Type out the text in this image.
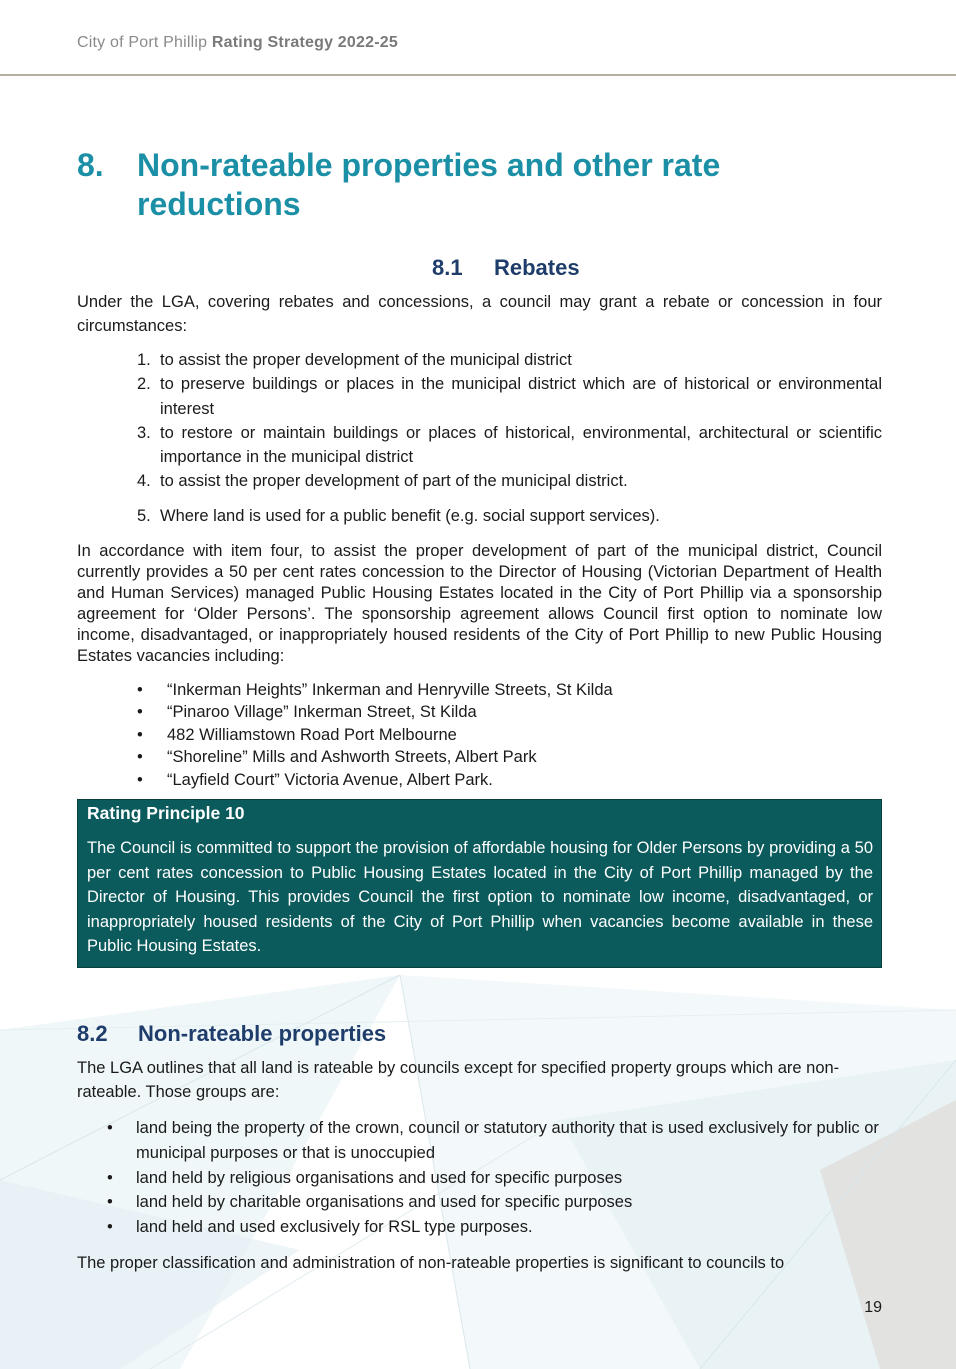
City of Port Phillip Rating Strategy 2022-25
8. Non-rateable properties and other rate reductions
8.1 Rebates
Under the LGA, covering rebates and concessions, a council may grant a rebate or concession in four circumstances:
1. to assist the proper development of the municipal district
2. to preserve buildings or places in the municipal district which are of historical or environmental interest
3. to restore or maintain buildings or places of historical, environmental, architectural or scientific importance in the municipal district
4. to assist the proper development of part of the municipal district.
5. Where land is used for a public benefit (e.g. social support services).
In accordance with item four, to assist the proper development of part of the municipal district, Council currently provides a 50 per cent rates concession to the Director of Housing (Victorian Department of Health and Human Services) managed Public Housing Estates located in the City of Port Phillip via a sponsorship agreement for ‘Older Persons’. The sponsorship agreement allows Council first option to nominate low income, disadvantaged, or inappropriately housed residents of the City of Port Phillip to new Public Housing Estates vacancies including:
• “Inkerman Heights” Inkerman and Henryville Streets, St Kilda
• “Pinaroo Village” Inkerman Street, St Kilda
• 482 Williamstown Road Port Melbourne
• “Shoreline” Mills and Ashworth Streets, Albert Park
• “Layfield Court” Victoria Avenue, Albert Park.
Rating Principle 10
The Council is committed to support the provision of affordable housing for Older Persons by providing a 50 per cent rates concession to Public Housing Estates located in the City of Port Phillip managed by the Director of Housing. This provides Council the first option to nominate low income, disadvantaged, or inappropriately housed residents of the City of Port Phillip when vacancies become available in these Public Housing Estates.
8.2 Non-rateable properties
The LGA outlines that all land is rateable by councils except for specified property groups which are non-rateable. Those groups are:
• land being the property of the crown, council or statutory authority that is used exclusively for public or municipal purposes or that is unoccupied
• land held by religious organisations and used for specific purposes
• land held by charitable organisations and used for specific purposes
• land held and used exclusively for RSL type purposes.
The proper classification and administration of non-rateable properties is significant to councils to
19
